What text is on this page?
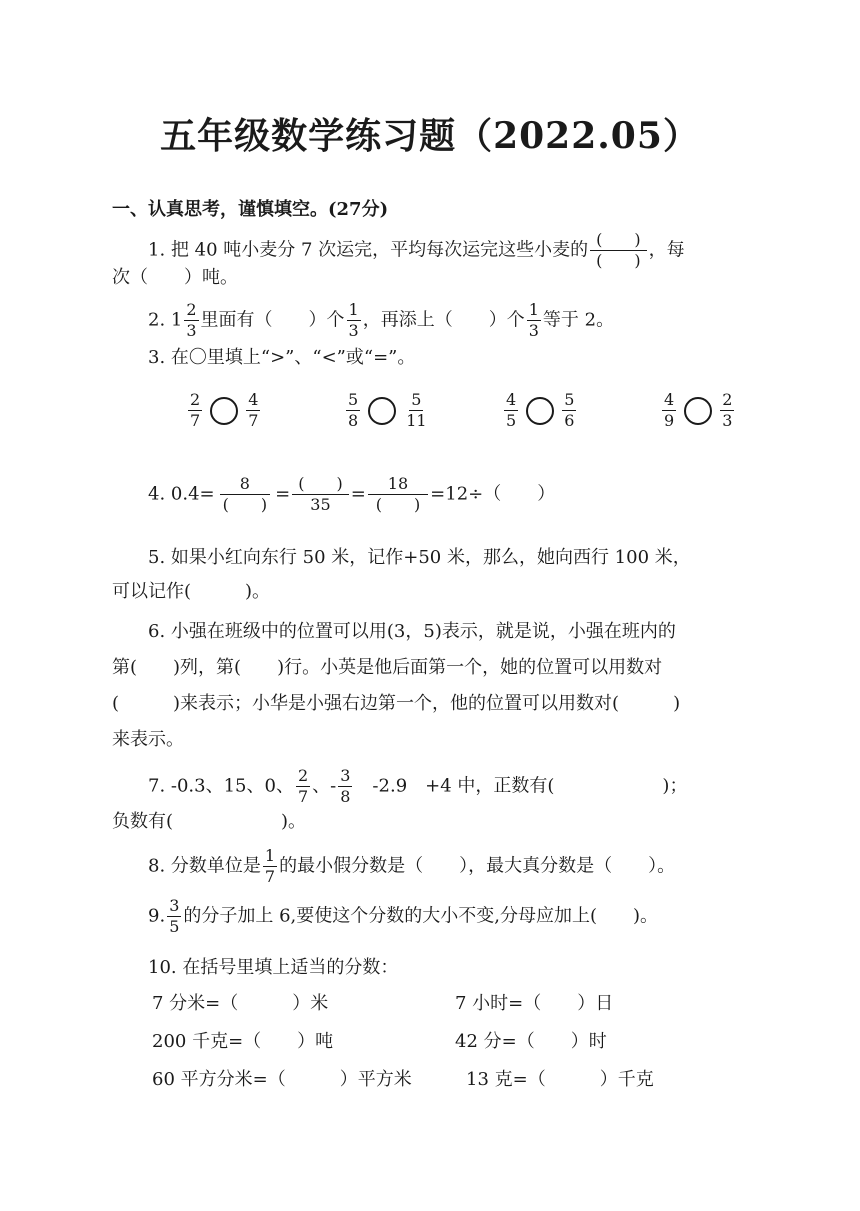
五年级数学练习题（2022.05）
一、认真思考，谨慎填空。(27分)
1. 把 40 吨小麦分 7 次运完，平均每次运完这些小麦的 $\frac{( )}{( )}$ ，每
次（　　）吨。
2. $1 \frac{2}{3}$ 里面有（　　）个 $\frac{1}{3}$ ，再添上（　　）个 $\frac{1}{3}$ 等于 2。
3. 在〇里填上“>”、“<”或“=”。
$\frac{2}{7}$	$\frac{4}{7}$	$\frac{5}{8}$	$\frac{5}{11}$	$\frac{4}{5}$	$\frac{5}{6}$	$\frac{4}{9}$	$\frac{2}{3}$
4. $0.4= \frac{8}{( )} = \frac{( )}{35} = \frac{18}{( )} =12\div$（　　）
5. 如果小红向东行 50 米，记作+50 米，那么，她向西行 100 米，
可以记作(　　　)。
6. 小强在班级中的位置可以用(3，5)表示，就是说，小强在班内的
第(　　)列，第(　　)行。小英是他后面第一个，她的位置可以用数对
(　　　)来表示；小华是小强右边第一个，他的位置可以用数对(　　　)
来表示。
7. -0.3、15、0、 $\frac{2}{7}$ 、- $\frac{3}{8}$ 　-2.9　+4 中，正数有(　　　　　　)；
负数有(　　　　　　)。
8. 分数单位是 $\frac{1}{7}$ 的最小假分数是（　　），最大真分数是（　　）。
9. $\frac{3}{5}$ 的分子加上 6,要使这个分数的大小不变,分母应加上(　　)。
10. 在括号里填上适当的分数：
7 分米=（　　　）米	7 小时=（　　）日
200 千克=（　　）吨	42 分=（　　）时
60 平方分米=（　　　）平方米	13 克=（　　　）千克
